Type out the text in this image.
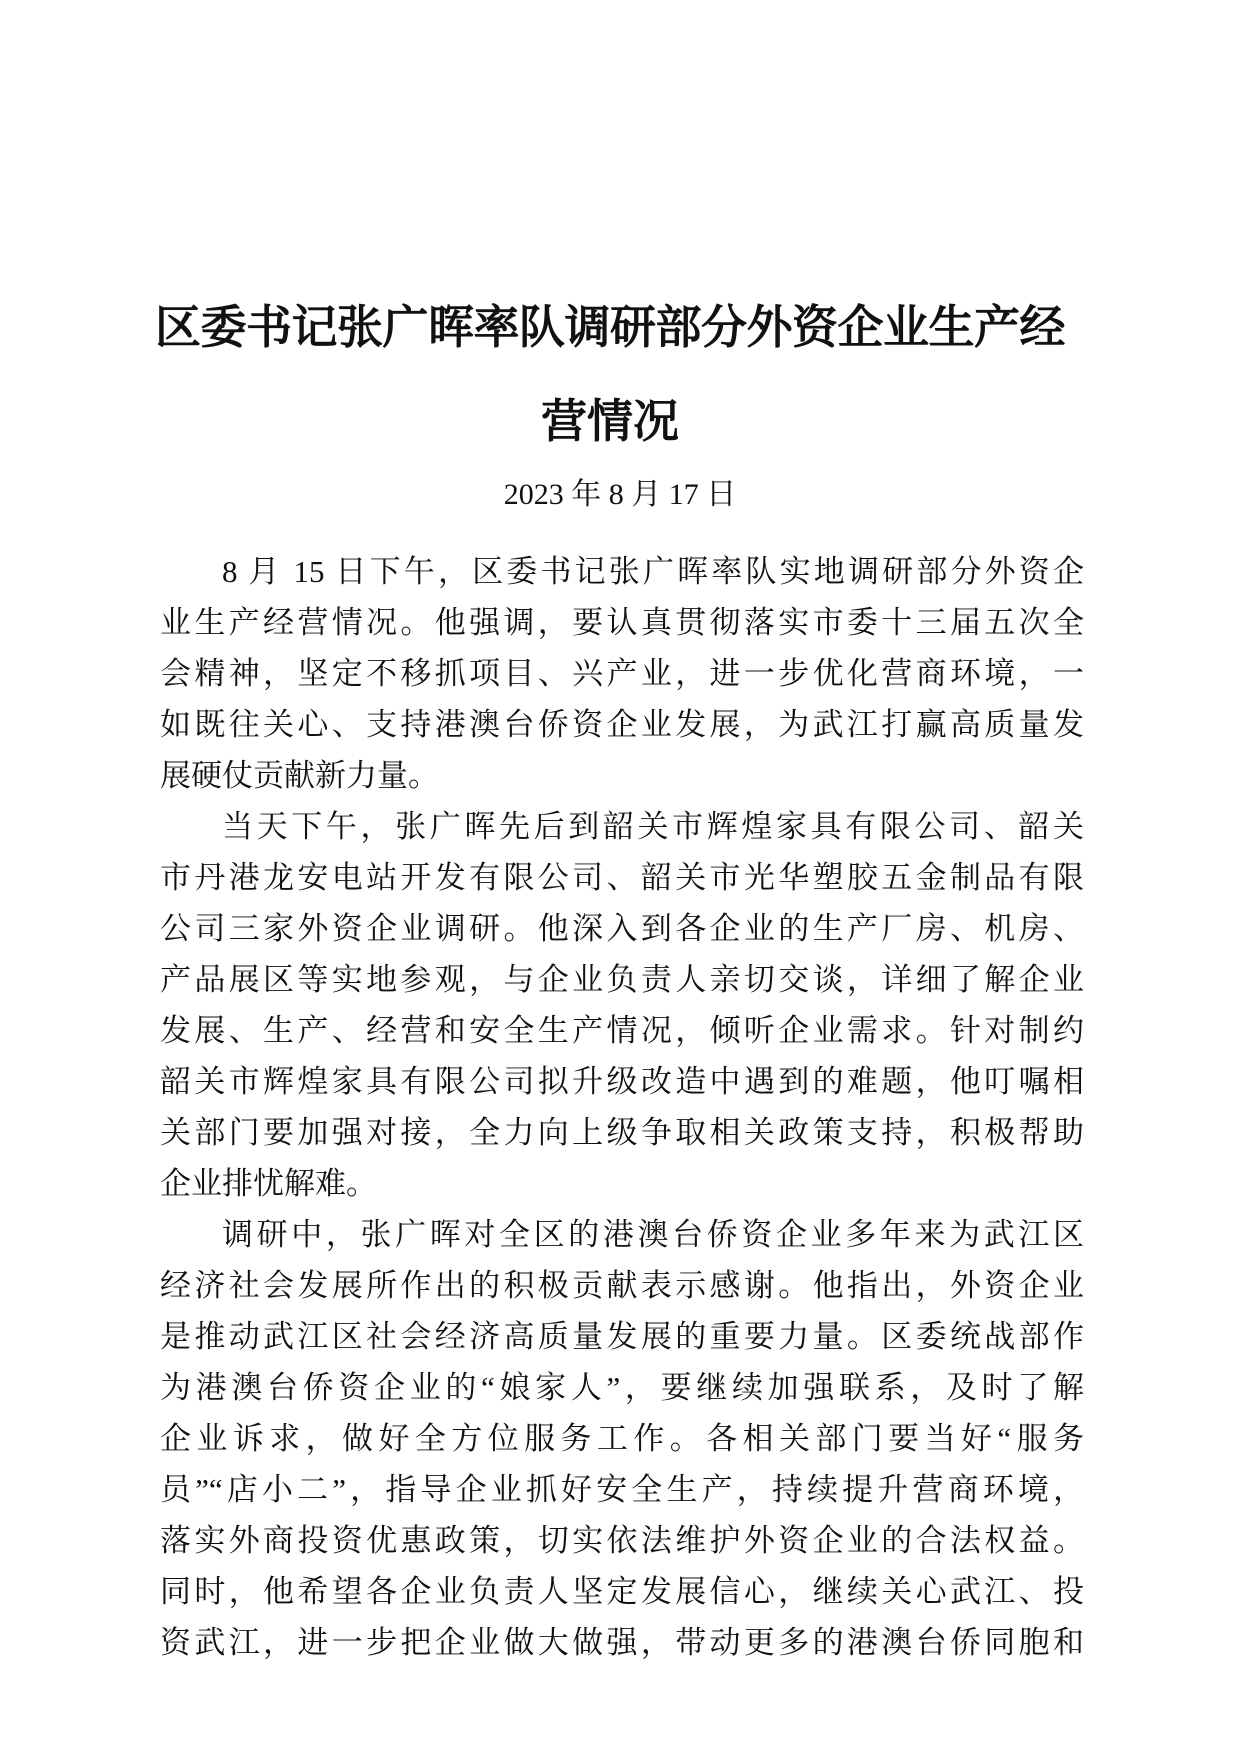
区委书记张广晖率队调研部分外资企业生产经
营情况
2023 年 8 月 17 日
8 月 15 日下午，区委书记张广晖率队实地调研部分外资企
业生产经营情况。他强调，要认真贯彻落实市委十三届五次全
会精神，坚定不移抓项目、兴产业，进一步优化营商环境，一
如既往关心、支持港澳台侨资企业发展，为武江打赢高质量发
展硬仗贡献新力量。
当天下午，张广晖先后到韶关市辉煌家具有限公司、韶关
市丹港龙安电站开发有限公司、韶关市光华塑胶五金制品有限
公司三家外资企业调研。他深入到各企业的生产厂房、机房、
产品展区等实地参观，与企业负责人亲切交谈，详细了解企业
发展、生产、经营和安全生产情况，倾听企业需求。针对制约
韶关市辉煌家具有限公司拟升级改造中遇到的难题，他叮嘱相
关部门要加强对接，全力向上级争取相关政策支持，积极帮助
企业排忧解难。
调研中，张广晖对全区的港澳台侨资企业多年来为武江区
经济社会发展所作出的积极贡献表示感谢。他指出，外资企业
是推动武江区社会经济高质量发展的重要力量。区委统战部作
为港澳台侨资企业的“娘家人”，要继续加强联系，及时了解
企业诉求，做好全方位服务工作。各相关部门要当好“服务
员”“店小二”，指导企业抓好安全生产，持续提升营商环境，
落实外商投资优惠政策，切实依法维护外资企业的合法权益。
同时，他希望各企业负责人坚定发展信心，继续关心武江、投
资武江，进一步把企业做大做强，带动更多的港澳台侨同胞和
